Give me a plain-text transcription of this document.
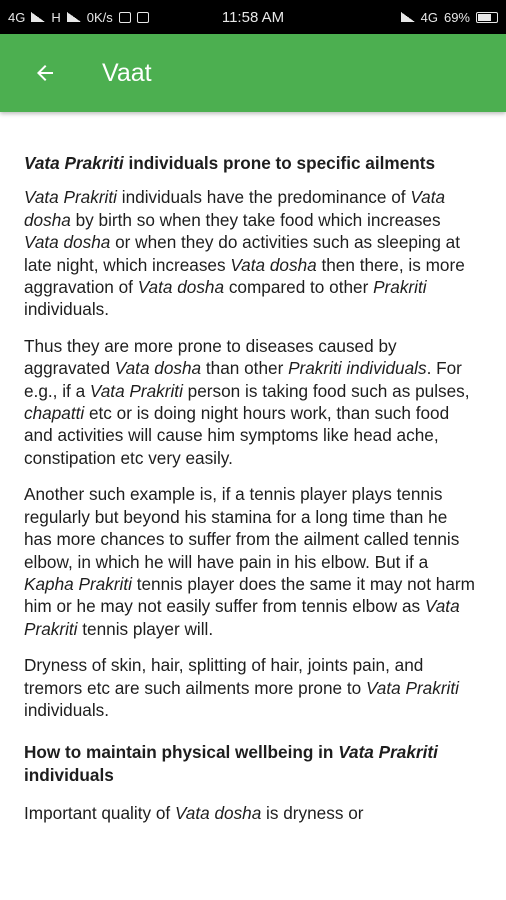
4G H 0K/s	11:58 AM	4G 69%
Vaat

Vata Prakriti individuals prone to specific ailments

Vata Prakriti individuals have the predominance of Vata dosha by birth so when they take food which increases Vata dosha or when they do activities such as sleeping at late night, which increases Vata dosha then there, is more aggravation of Vata dosha compared to other Prakriti individuals.

Thus they are more prone to diseases caused by aggravated Vata dosha than other Prakriti individuals. For e.g., if a Vata Prakriti person is taking food such as pulses, chapatti etc or is doing night hours work, than such food and activities will cause him symptoms like head ache, constipation etc very easily.

Another such example is, if a tennis player plays tennis regularly but beyond his stamina for a long time than he has more chances to suffer from the ailment called tennis elbow, in which he will have pain in his elbow. But if a Kapha Prakriti tennis player does the same it may not harm him or he may not easily suffer from tennis elbow as Vata Prakriti tennis player will.

Dryness of skin, hair, splitting of hair, joints pain, and tremors etc are such ailments more prone to Vata Prakriti individuals.

How to maintain physical wellbeing in Vata Prakriti individuals

Important quality of Vata dosha is dryness or
